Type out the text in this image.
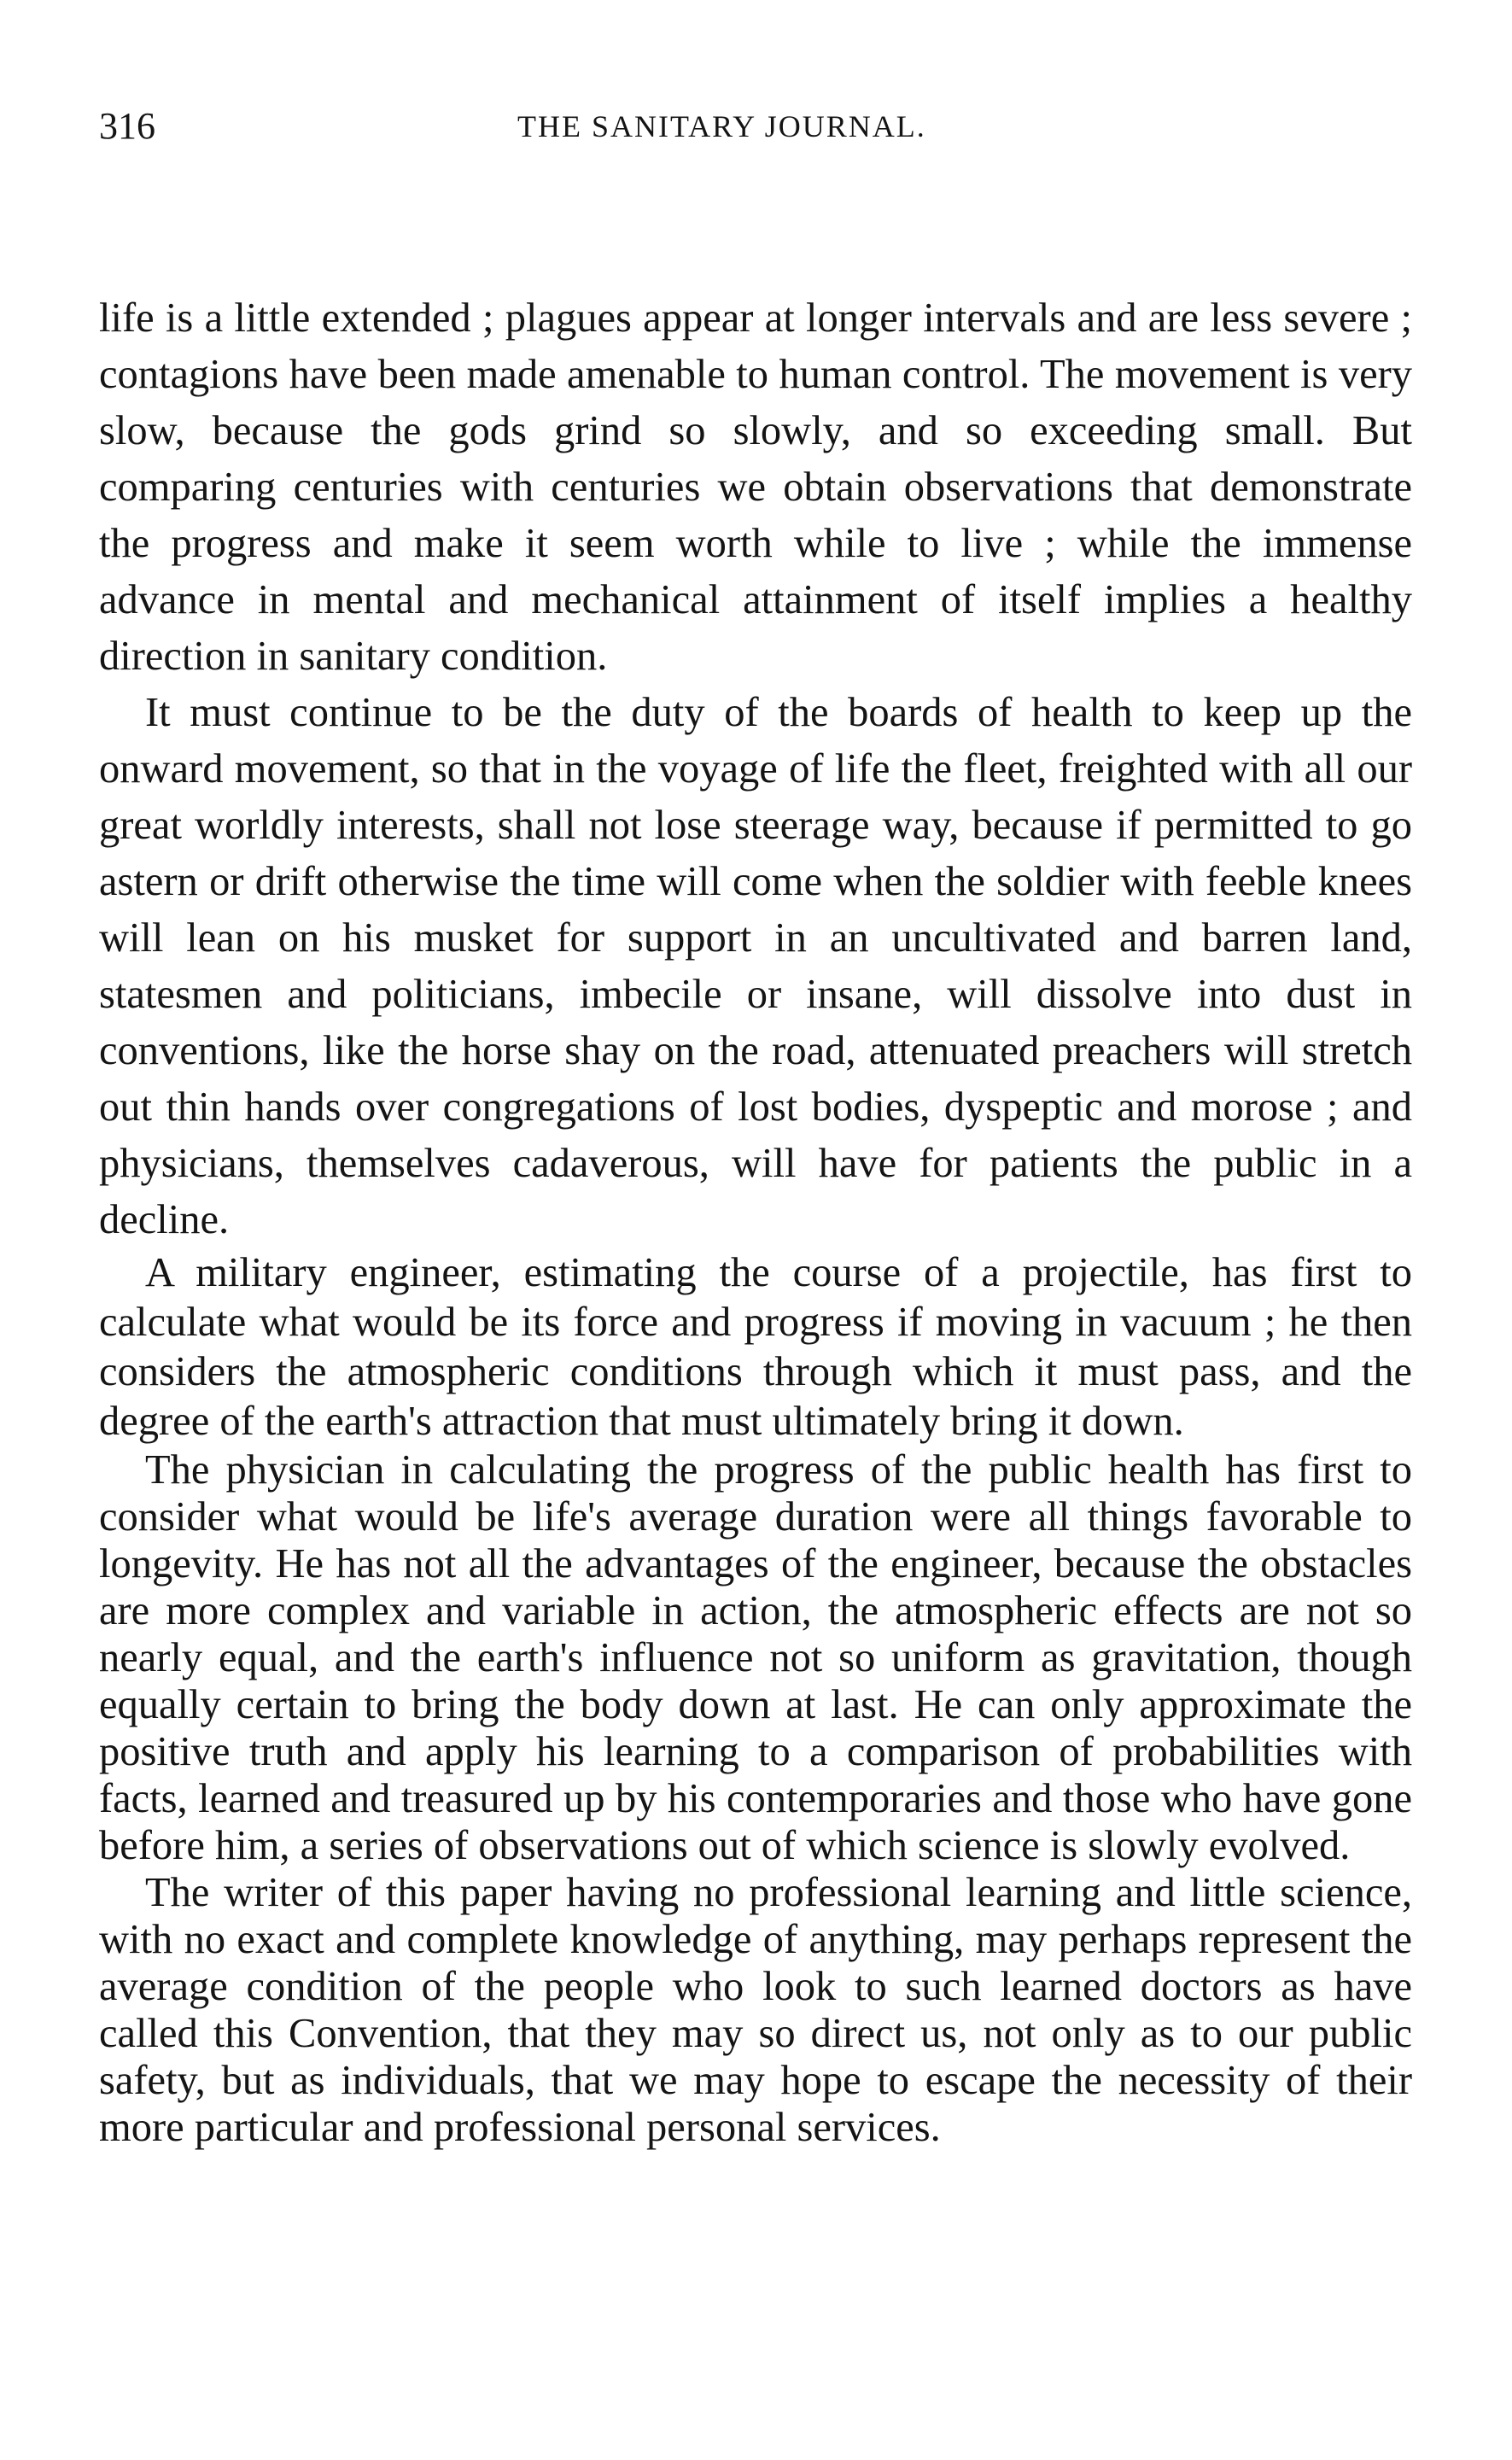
316	THE SANITARY JOURNAL.

life is a little extended ; plagues appear at longer intervals and are less severe ; contagions have been made amenable to human control. The movement is very slow, because the gods grind so slowly, and so exceeding small. But comparing centuries with centuries we obtain observations that demonstrate the progress and make it seem worth while to live ; while the immense advance in mental and mechanical attainment of itself implies a healthy direction in sanitary condition.

It must continue to be the duty of the boards of health to keep up the onward movement, so that in the voyage of life the fleet, freighted with all our great worldly interests, shall not lose steerage way, because if permitted to go astern or drift otherwise the time will come when the soldier with feeble knees will lean on his musket for support in an uncultivated and barren land, statesmen and politicians, imbecile or insane, will dissolve into dust in conventions, like the horse shay on the road, attenuated preachers will stretch out thin hands over congregations of lost bodies, dyspeptic and morose ; and physicians, themselves cadaverous, will have for patients the public in a decline.

A military engineer, estimating the course of a projectile, has first to calculate what would be its force and progress if moving in vacuum ; he then considers the atmospheric conditions through which it must pass, and the degree of the earth's attraction that must ultimately bring it down.

The physician in calculating the progress of the public health has first to consider what would be life's average duration were all things favorable to longevity. He has not all the advantages of the engineer, because the obstacles are more complex and variable in action, the atmospheric effects are not so nearly equal, and the earth's influence not so uniform as gravitation, though equally certain to bring the body down at last. He can only approximate the positive truth and apply his learning to a comparison of probabilities with facts, learned and treasured up by his contemporaries and those who have gone before him, a series of observations out of which science is slowly evolved.

The writer of this paper having no professional learning and little science, with no exact and complete knowledge of anything, may perhaps represent the average condition of the people who look to such learned doctors as have called this Convention, that they may so direct us, not only as to our public safety, but as individuals, that we may hope to escape the necessity of their more particular and professional personal services.
